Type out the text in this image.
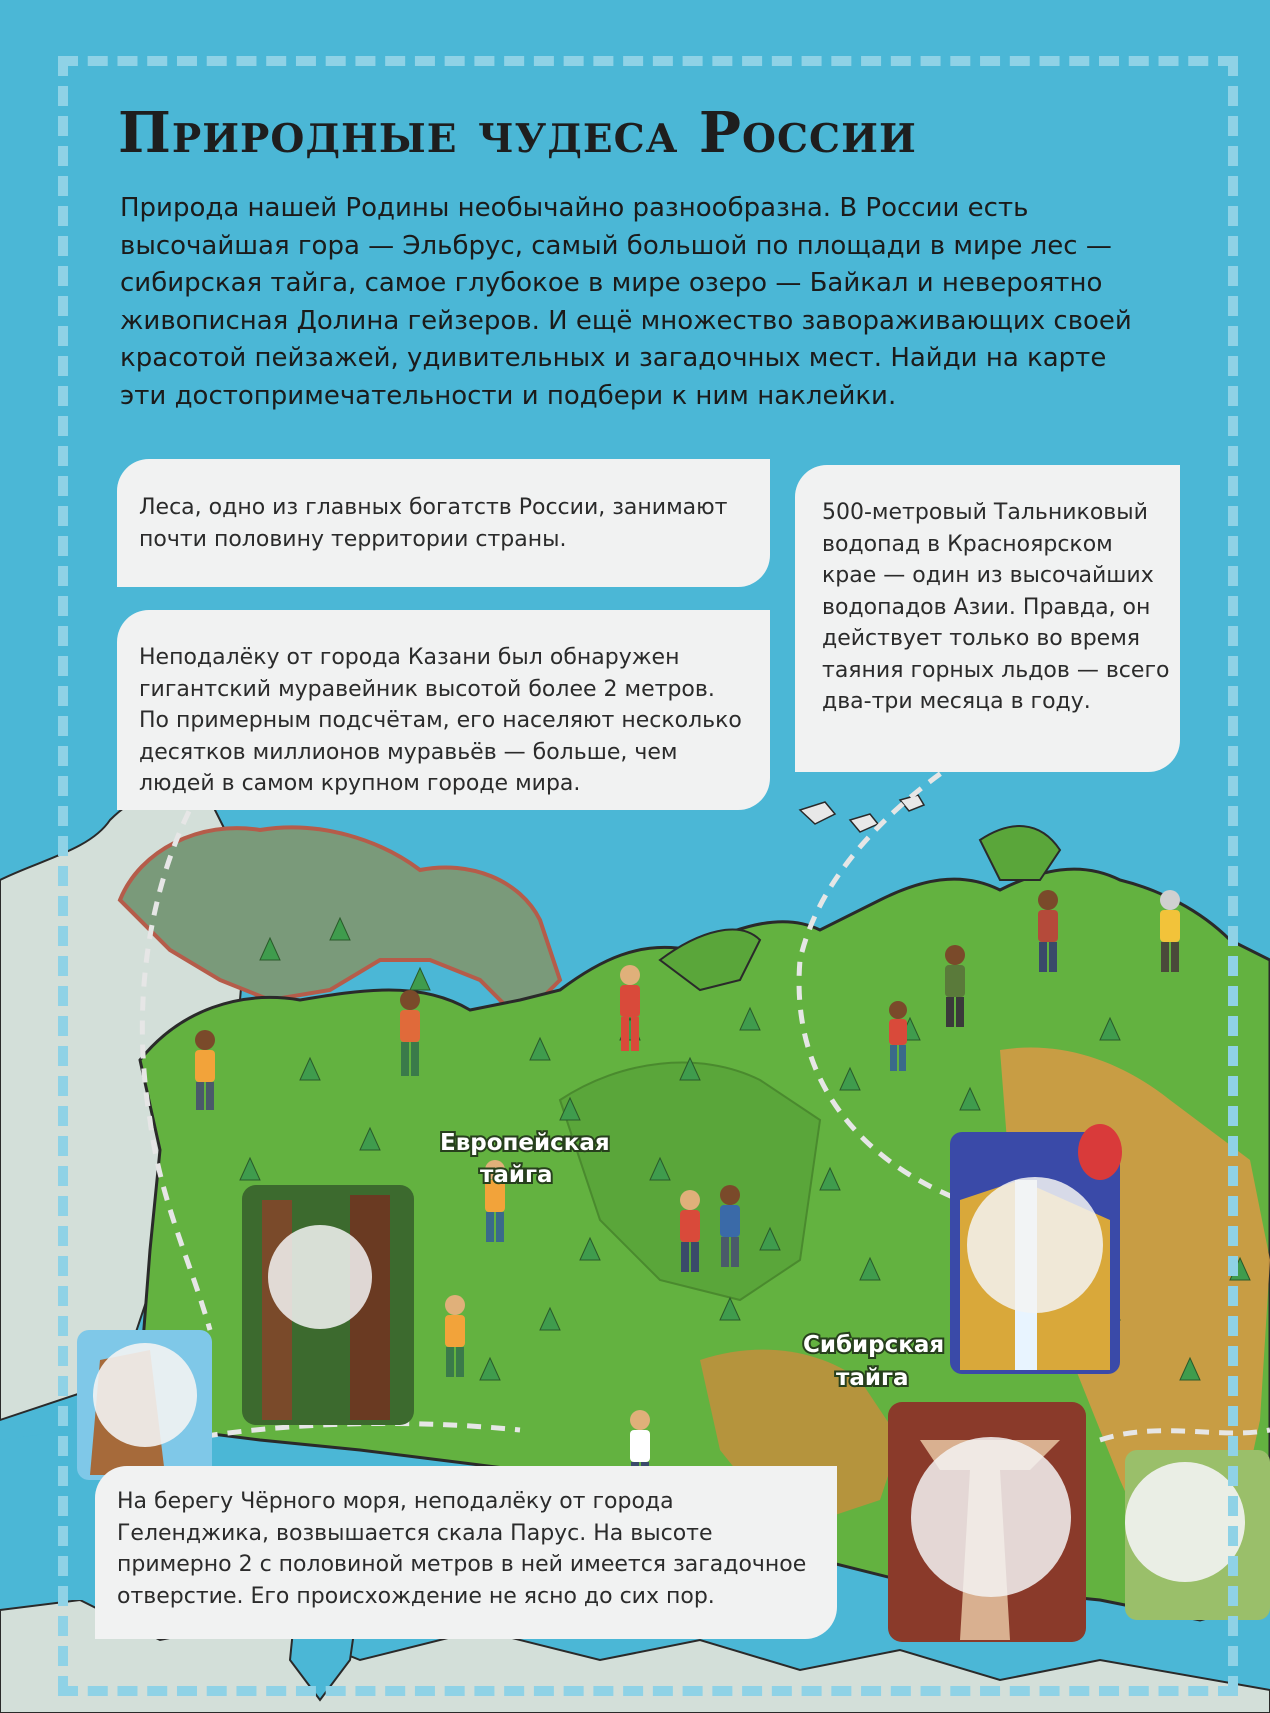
Европейская
тайга
Сибирская
тайга
Природные чудеса России

Природа нашей Родины необычайно разнообразна. В России есть высочайшая гора — Эльбрус, самый большой по площади в мире лес — сибирская тайга, самое глубокое в мире озеро — Байкал и невероятно живописная Долина гейзеров. И ещё множество завораживающих своей красотой пейзажей, удивительных и загадочных мест. Найди на карте эти достопримечательности и подбери к ним наклейки.

Леса, одно из главных богатств России, занимают почти половину территории страны.
Неподалёку от города Казани был обнаружен гигантский муравейник высотой более 2 метров. По примерным подсчётам, его населяют несколько десятков миллионов муравьёв — больше, чем людей в самом крупном городе мира.
500-метровый Тальниковый водопад в Красноярском крае — один из высочайших водопадов Азии. Правда, он действует только во время таяния горных льдов — всего два-три месяца в году.
На берегу Чёрного моря, неподалёку от города Геленджика, возвышается скала Парус. На высоте примерно 2 с половиной метров в ней имеется загадочное отверстие. Его происхождение не ясно до сих пор.
